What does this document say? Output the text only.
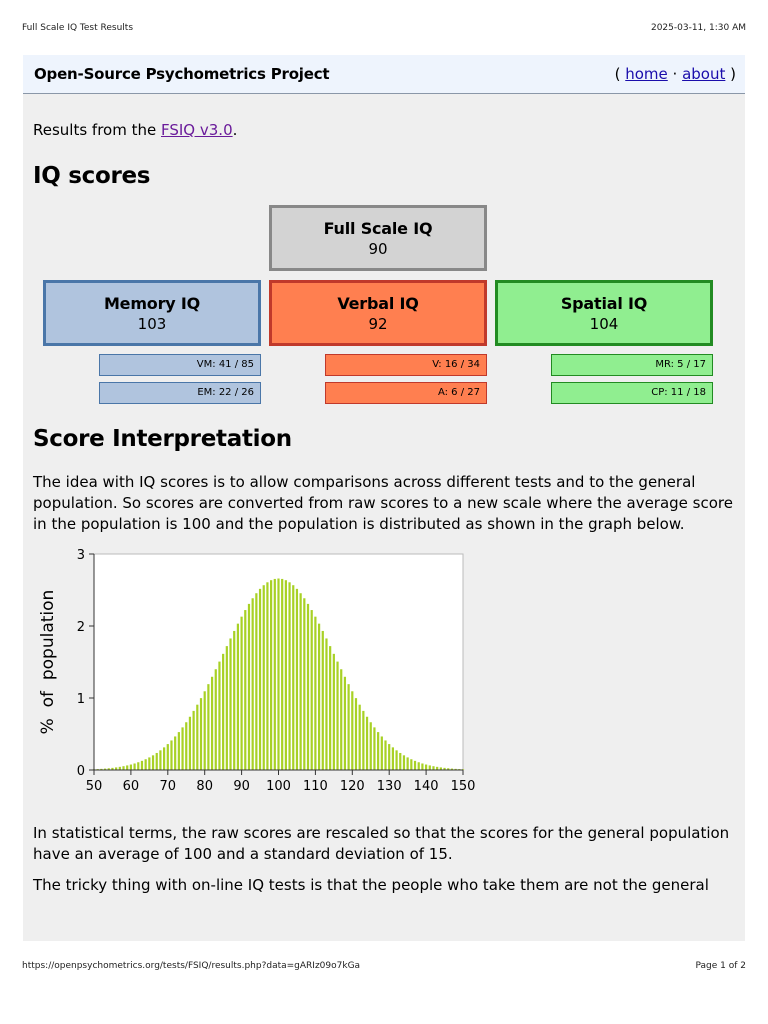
Full Scale IQ Test Results	2025-03-11, 1:30 AM
Open-Source Psychometrics Project	( home · about )

Results from the FSIQ v3.0.

IQ scores
Full Scale IQ
90
Memory IQ
103
Verbal IQ
92
Spatial IQ
104
VM: 41 / 85
EM: 22 / 26
V: 16 / 34
A: 6 / 27
MR: 5 / 17
CP: 11 / 18
Score Interpretation

The idea with IQ scores is to allow comparisons across different tests and to the general population. So scores are converted from raw scores to a new scale where the average score in the population is 100 and the population is distributed as shown in the graph below.

0
1
2
3
50 60 70 80 90 100 110 120 130 140 150
%  of  population

In statistical terms, the raw scores are rescaled so that the scores for the general population have an average of 100 and a standard deviation of 15.

The tricky thing with on-line IQ tests is that the people who take them are not the general

https://openpsychometrics.org/tests/FSIQ/results.php?data=gARIz09o7kGa	Page 1 of 2
